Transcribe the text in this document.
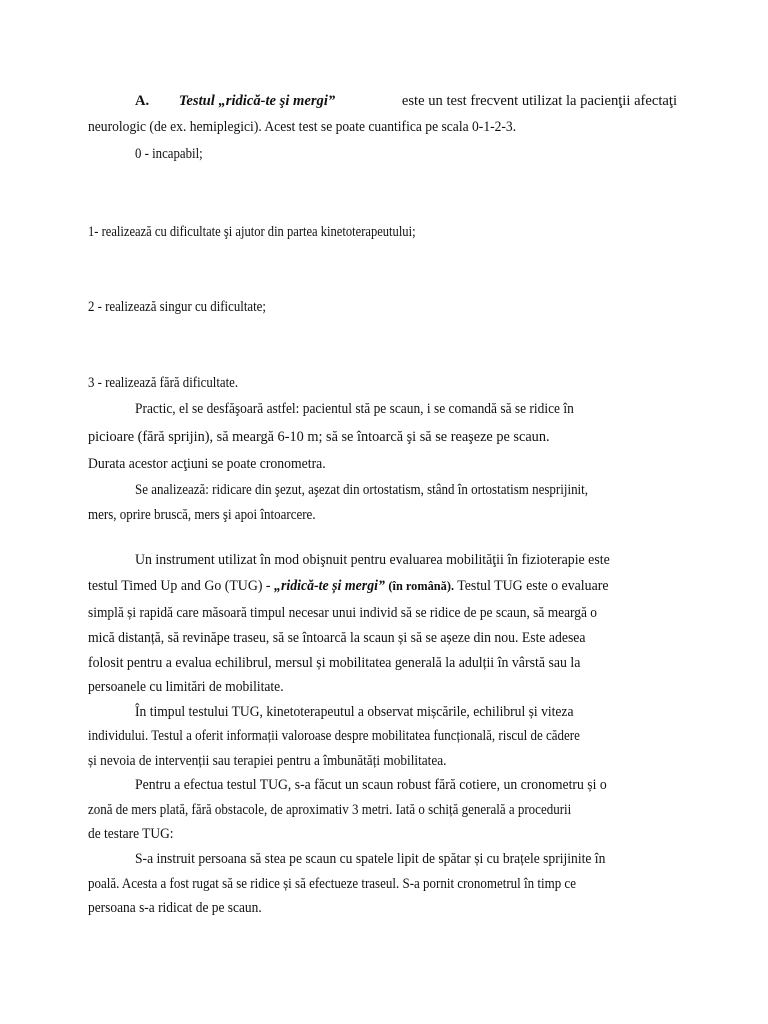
A. Testul „ridică-te şi mergi”	este un test frecvent utilizat la pacienţii afectaţi
neurologic (de ex. hemiplegici). Acest test se poate cuantifica pe scala 0-1-2-3.
0 - incapabil;
1- realizează cu dificultate şi ajutor din partea kinetoterapeutului;
2 - realizează singur cu dificultate;
3 - realizează fără dificultate.
Practic, el se desfăşoară astfel: pacientul stă pe scaun, i se comandă să se ridice în
picioare (fără sprijin), să meargă 6-10 m; să se întoarcă şi să se reaşeze pe scaun.
Durata acestor acţiuni se poate cronometra.
Se analizează: ridicare din şezut, aşezat din ortostatism, stând în ortostatism nesprijinit,
mers, oprire bruscă, mers şi apoi întoarcere.
Un instrument utilizat în mod obişnuit pentru evaluarea mobilităţii în fizioterapie este
testul Timed Up and Go (TUG) - „ridică-te și mergi” (în română). Testul TUG este o evaluare
simplă și rapidă care măsoară timpul necesar unui individ să se ridice de pe scaun, să meargă o
mică distanță, să revinăpe traseu, să se întoarcă la scaun și să se așeze din nou. Este adesea
folosit pentru a evalua echilibrul, mersul și mobilitatea generală la adulții în vârstă sau la
persoanele cu limitări de mobilitate.
În timpul testului TUG, kinetoterapeutul a observat mișcările, echilibrul și viteza
individului. Testul a oferit informații valoroase despre mobilitatea funcțională, riscul de cădere
și nevoia de intervenții sau terapiei pentru a îmbunătăți mobilitatea.
Pentru a efectua testul TUG, s-a făcut un scaun robust fără cotiere, un cronometru și o
zonă de mers plată, fără obstacole, de aproximativ 3 metri. Iată o schiță generală a procedurii
de testare TUG:
S-a instruit persoana să stea pe scaun cu spatele lipit de spătar și cu brațele sprijinite în
poală. Acesta a fost rugat să se ridice și să efectueze traseul. S-a pornit cronometrul în timp ce
persoana s-a ridicat de pe scaun.
